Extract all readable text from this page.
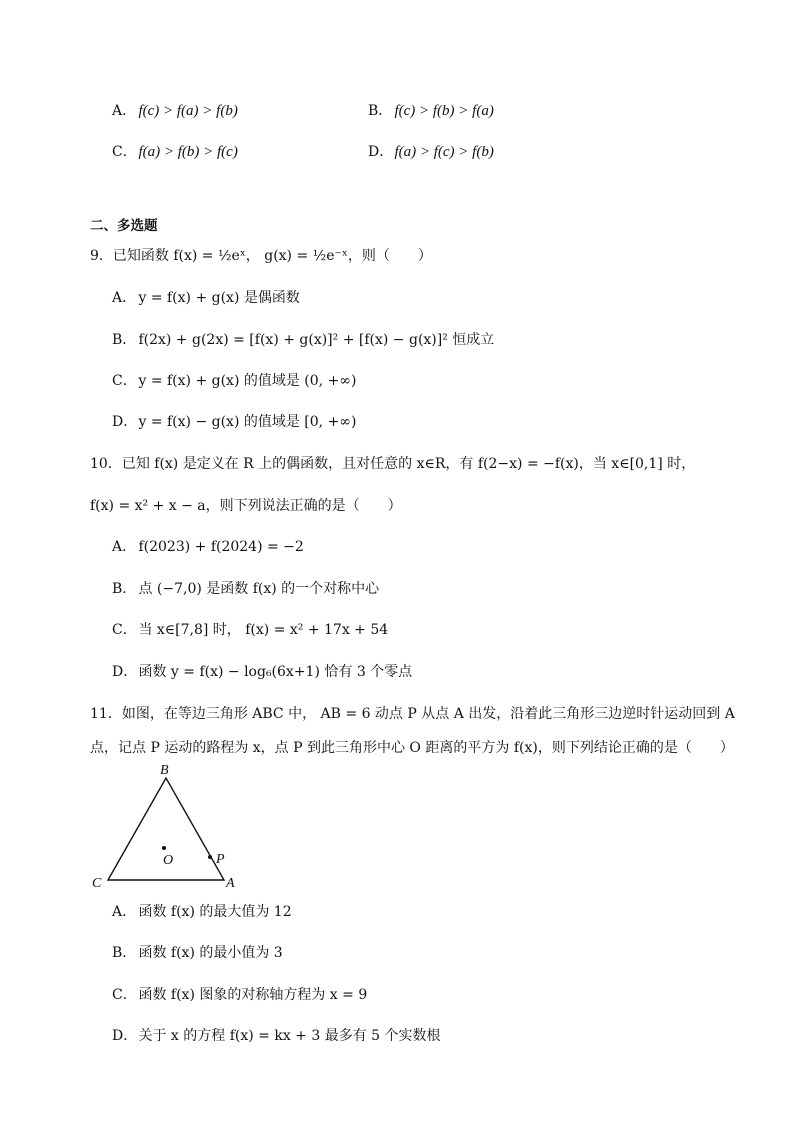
A． f(c) > f(a) > f(b)	B． f(c) > f(b) > f(a)
C． f(a) > f(b) > f(c)	D． f(a) > f(c) > f(b)
二、多选题
9．已知函数 f(x) = ½eˣ， g(x) = ½e⁻ˣ，则（　　）
A． y = f(x) + g(x) 是偶函数
B． f(2x) + g(2x) = [f(x) + g(x)]² + [f(x) − g(x)]² 恒成立
C． y = f(x) + g(x) 的值域是 (0, +∞)
D． y = f(x) − g(x) 的值域是 [0, +∞)
10．已知 f(x) 是定义在 R 上的偶函数，且对任意的 x∈R，有 f(2−x) = −f(x)，当 x∈[0,1] 时，
f(x) = x² + x − a，则下列说法正确的是（　　）
A． f(2023) + f(2024) = −2
B． 点 (−7,0) 是函数 f(x) 的一个对称中心
C． 当 x∈[7,8] 时， f(x) = x² + 17x + 54
D． 函数 y = f(x) − log₆(6x+1) 恰有 3 个零点
11．如图，在等边三角形 ABC 中， AB = 6 动点 P 从点 A 出发，沿着此三角形三边逆时针运动回到 A
点，记点 P 运动的路程为 x，点 P 到此三角形中心 O 距离的平方为 f(x)，则下列结论正确的是（　　）
B
C	A
O	P
A． 函数 f(x) 的最大值为 12
B． 函数 f(x) 的最小值为 3
C． 函数 f(x) 图象的对称轴方程为 x = 9
D． 关于 x 的方程 f(x) = kx + 3 最多有 5 个实数根
